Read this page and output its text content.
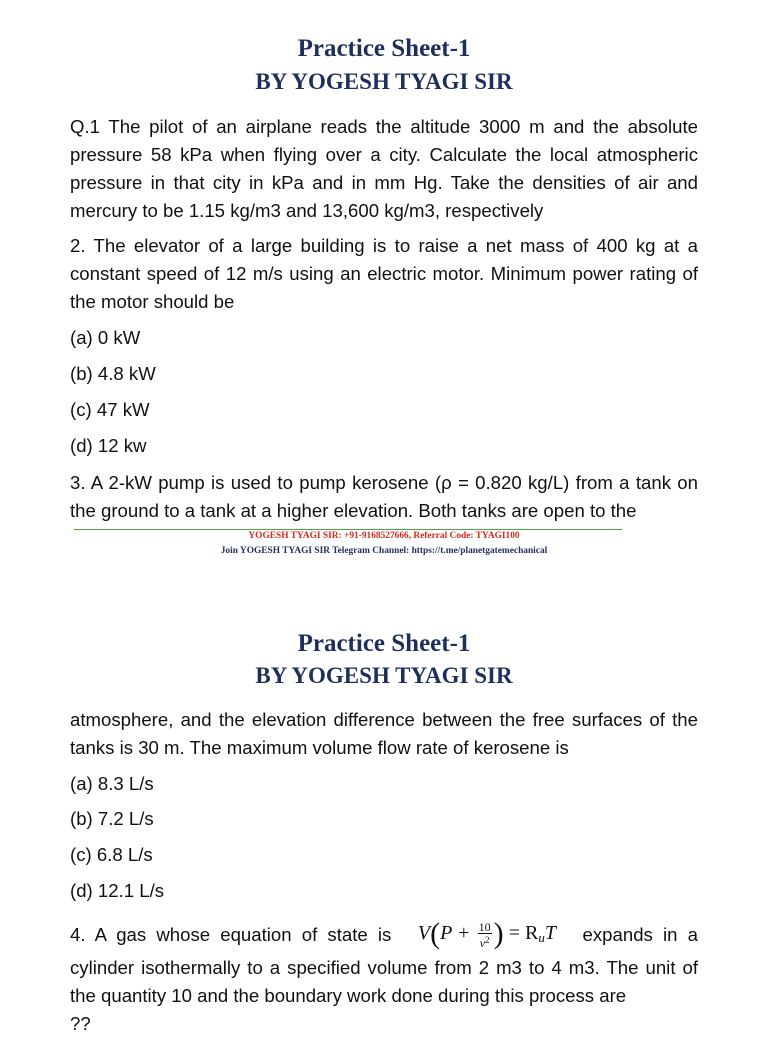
Practice Sheet-1
BY YOGESH TYAGI SIR

Q.1 The pilot of an airplane reads the altitude 3000 m and the absolute pressure 58 kPa when flying over a city. Calculate the local atmospheric pressure in that city in kPa and in mm Hg. Take the densities of air and mercury to be 1.15 kg/m3 and 13,600 kg/m3, respectively

2. The elevator of a large building is to raise a net mass of 400 kg at a constant speed of 12 m/s using an electric motor. Minimum power rating of the motor should be

(a) 0 kW

(b) 4.8 kW

(c) 47 kW

(d) 12 kw

3. A 2-kW pump is used to pump kerosene (ρ = 0.820 kg/L) from a tank on the ground to a tank at a higher elevation. Both tanks are open to the

YOGESH TYAGI SIR: +91-9168527666, Referral Code: TYAGI100
Join YOGESH TYAGI SIR Telegram Channel: https://t.me/planetgatemechanical
Practice Sheet-1
BY YOGESH TYAGI SIR

atmosphere, and the elevation difference between the free surfaces of the tanks is 30 m. The maximum volume flow rate of kerosene is

(a) 8.3 L/s

(b) 7.2 L/s

(c) 6.8 L/s

(d) 12.1 L/s

4. A gas whose equation of state is $V(P + \frac{10}{v^2}$ ) = $R_uT$ expands in a

cylinder isothermally to a specified volume from 2 m3 to 4 m3. The unit of the quantity 10 and the boundary work done during this process are

??
